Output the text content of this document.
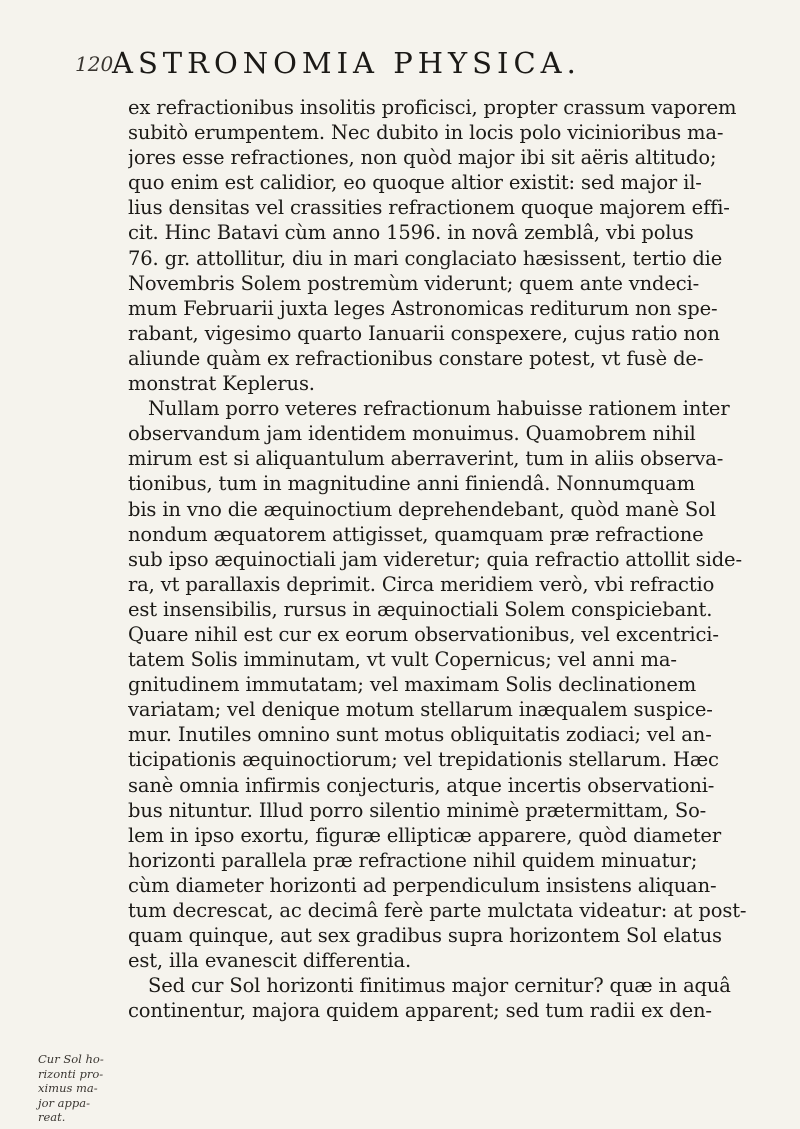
120
ASTRONOMIA PHYSICA.
ex refractionibus insolitis proficisci, propter crassum vaporem
subitò erumpentem. Nec dubito in locis polo vicinioribus ma-
jores esse refractiones, non quòd major ibi sit aëris altitudo;
quo enim est calidior, eo quoque altior existit: sed major il-
lius densitas vel crassities refractionem quoque majorem effi-
cit. Hinc Batavi cùm anno 1596. in novâ zemblâ, vbi polus
76. gr. attollitur, diu in mari conglaciato hæsissent, tertio die
Novembris Solem postremùm viderunt; quem ante vndeci-
mum Februarii juxta leges Astronomicas rediturum non spe-
rabant, vigesimo quarto Ianuarii conspexere, cujus ratio non
aliunde quàm ex refractionibus constare potest, vt fusè de-
monstrat Keplerus.
Nullam porro veteres refractionum habuisse rationem inter
observandum jam identidem monuimus. Quamobrem nihil
mirum est si aliquantulum aberraverint, tum in aliis observa-
tionibus, tum in magnitudine anni finiendâ. Nonnumquam
bis in vno die æquinoctium deprehendebant, quòd manè Sol
nondum æquatorem attigisset, quamquam præ refractione
sub ipso æquinoctiali jam videretur; quia refractio attollit side-
ra, vt parallaxis deprimit. Circa meridiem verò, vbi refractio
est insensibilis, rursus in æquinoctiali Solem conspiciebant.
Quare nihil est cur ex eorum observationibus, vel excentrici-
tatem Solis imminutam, vt vult Copernicus; vel anni ma-
gnitudinem immutatam; vel maximam Solis declinationem
variatam; vel denique motum stellarum inæqualem suspice-
mur. Inutiles omnino sunt motus obliquitatis zodiaci; vel an-
ticipationis æquinoctiorum; vel trepidationis stellarum. Hæc
sanè omnia infirmis conjecturis, atque incertis observationi-
bus nituntur. Illud porro silentio minimè prætermittam, So-
lem in ipso exortu, figuræ ellipticæ apparere, quòd diameter
horizonti parallela præ refractione nihil quidem minuatur;
cùm diameter horizonti ad perpendiculum insistens aliquan-
tum decrescat, ac decimâ ferè parte mulctata videatur: at post-
quam quinque, aut sex gradibus supra horizontem Sol elatus
est, illa evanescit differentia.
Sed cur Sol horizonti finitimus major cernitur? quæ in aquâ
continentur, majora quidem apparent; sed tum radii ex den-
Cur Sol ho-
rizonti pro-
ximus ma-
jor appa-
reat.
